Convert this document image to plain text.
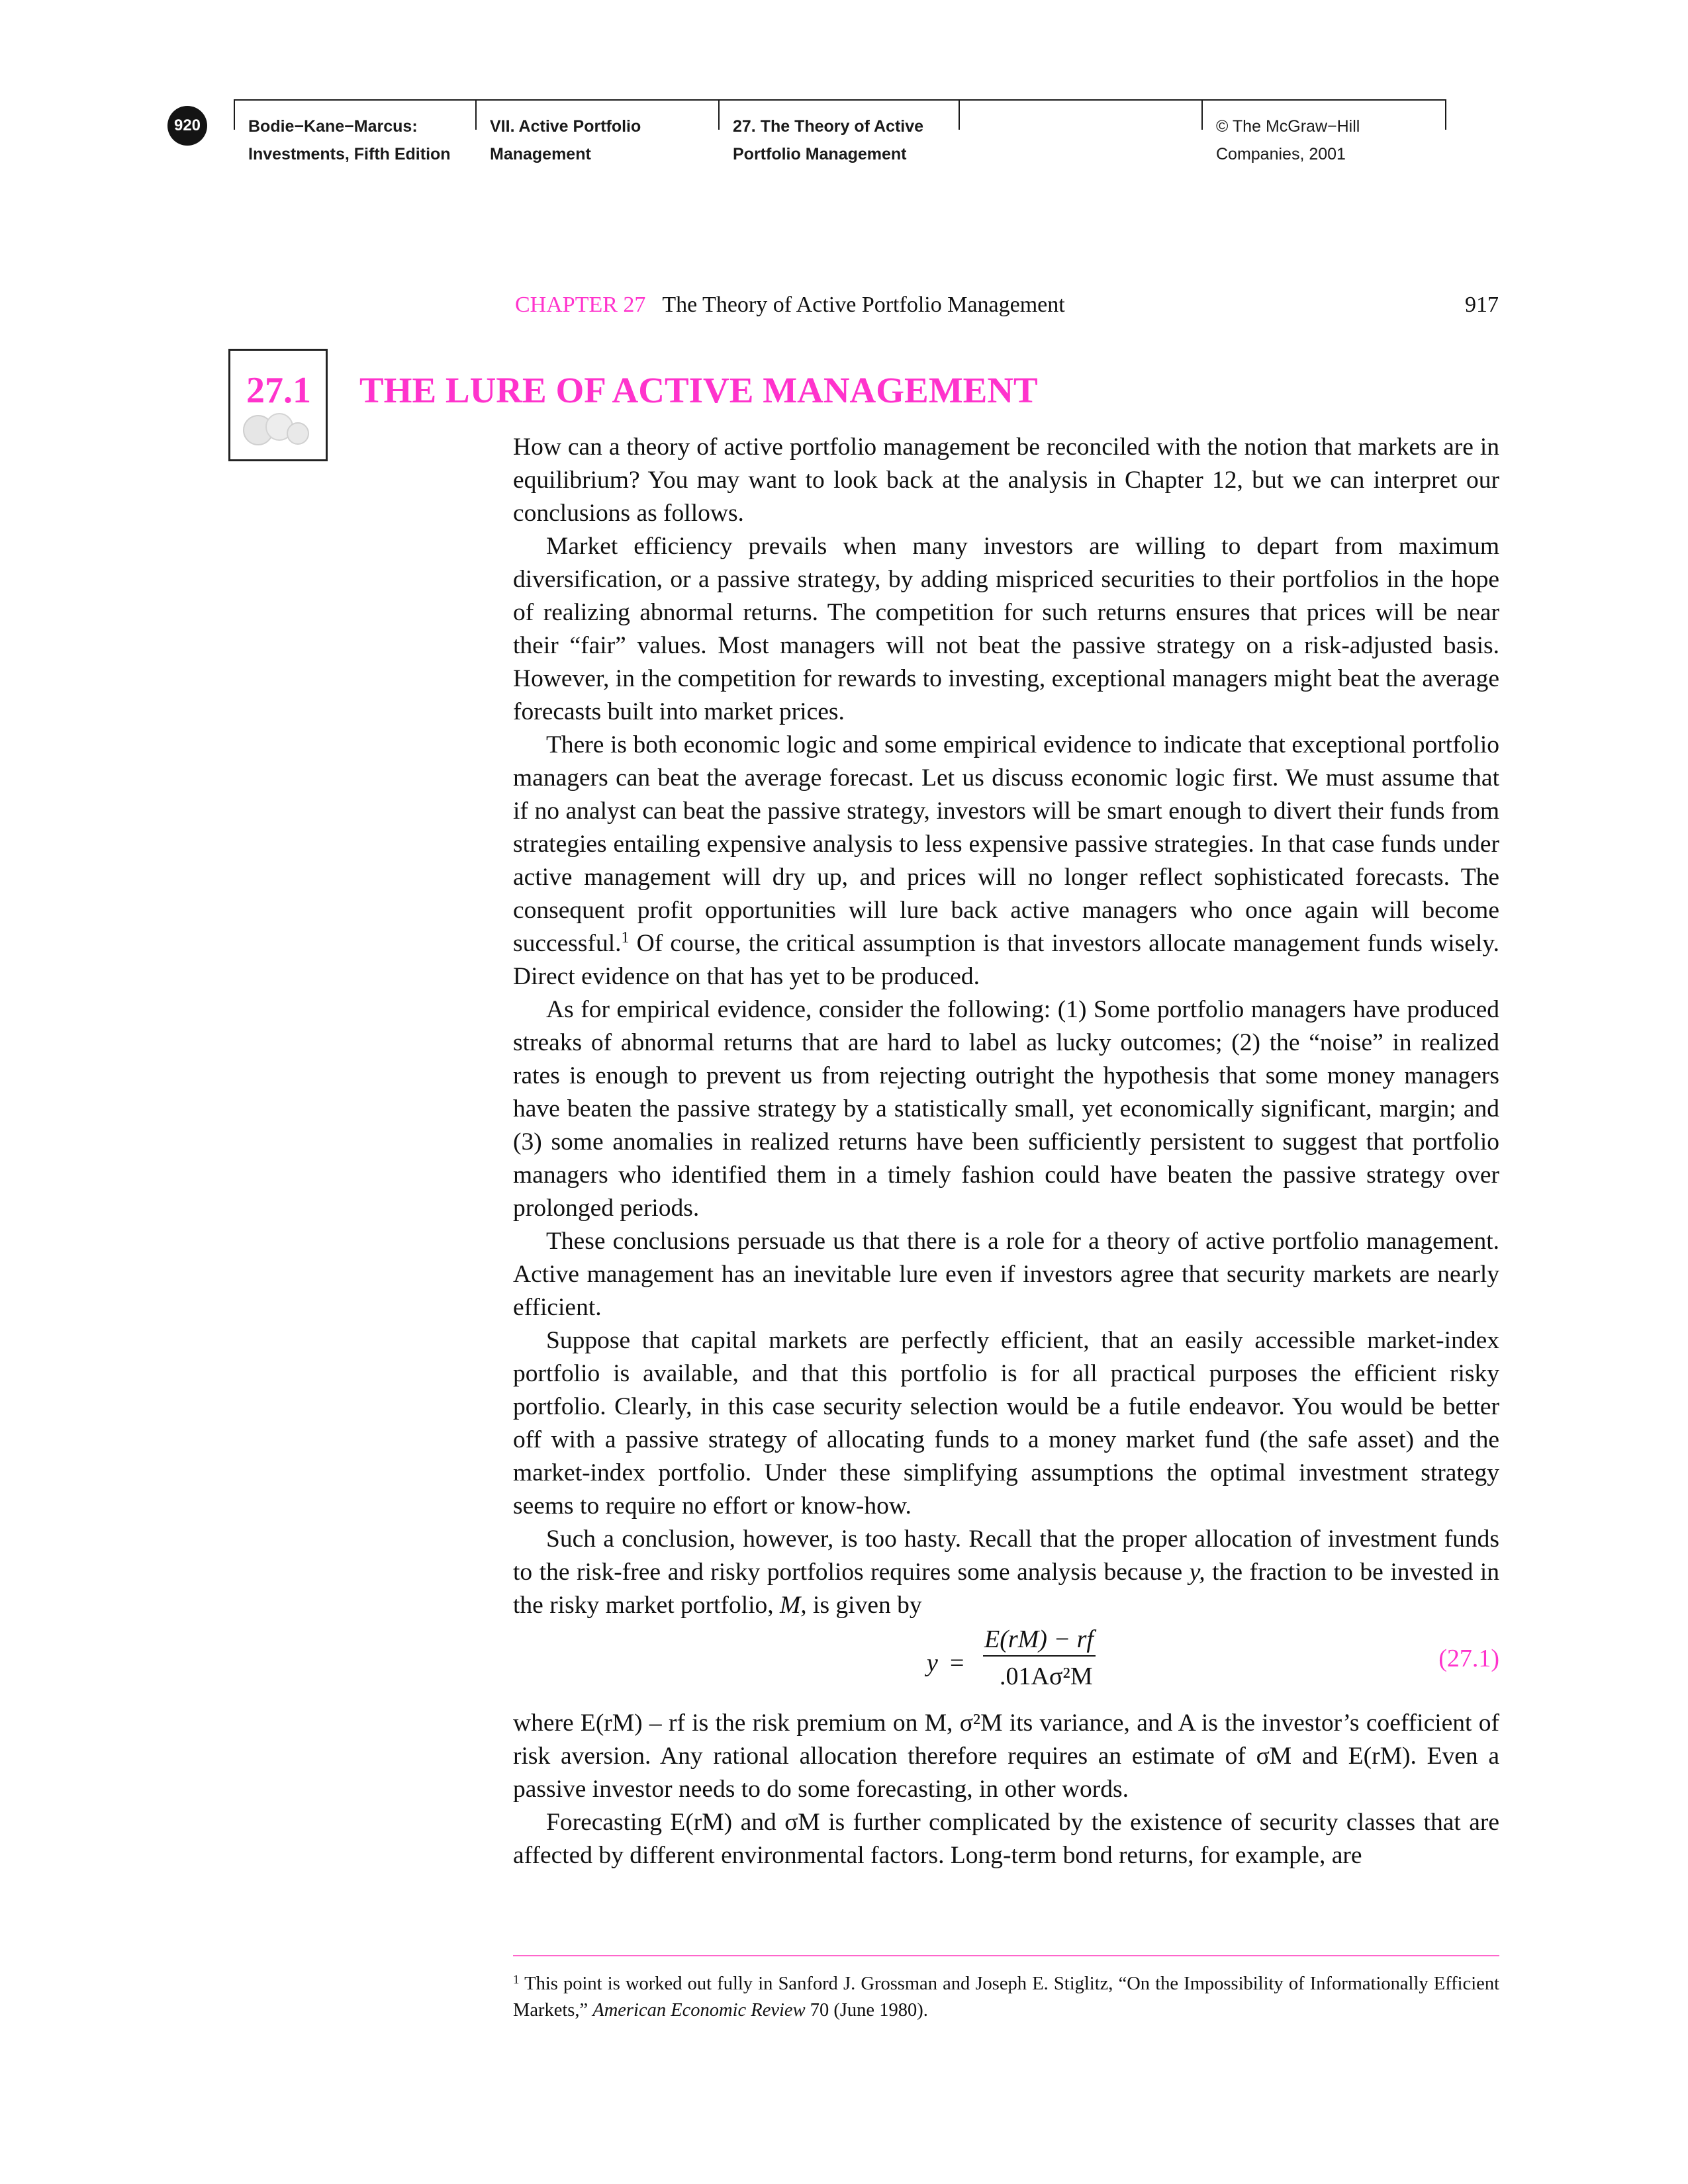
920	Bodie−Kane−Marcus:
Investments, Fifth Edition
VII. Active Portfolio
Management
27. The Theory of Active
Portfolio Management
© The McGraw−Hill
Companies, 2001
CHAPTER 27 The Theory of Active Portfolio Management	917
27.1 THE LURE OF ACTIVE MANAGEMENT

How can a theory of active portfolio management be reconciled with the notion that markets are in equilibrium? You may want to look back at the analysis in Chapter 12, but we can interpret our conclusions as follows.

Market efficiency prevails when many investors are willing to depart from maximum diversification, or a passive strategy, by adding mispriced securities to their portfolios in the hope of realizing abnormal returns. The competition for such returns ensures that prices will be near their “fair” values. Most managers will not beat the passive strategy on a risk-adjusted basis. However, in the competition for rewards to investing, exceptional managers might beat the average forecasts built into market prices.

There is both economic logic and some empirical evidence to indicate that exceptional portfolio managers can beat the average forecast. Let us discuss economic logic first. We must assume that if no analyst can beat the passive strategy, investors will be smart enough to divert their funds from strategies entailing expensive analysis to less expensive passive strategies. In that case funds under active management will dry up, and prices will no longer reflect sophisticated forecasts. The consequent profit opportunities will lure back active managers who once again will become successful.$^1$ Of course, the critical assumption is that investors allocate management funds wisely. Direct evidence on that has yet to be produced.

As for empirical evidence, consider the following: (1) Some portfolio managers have produced streaks of abnormal returns that are hard to label as lucky outcomes; (2) the “noise” in realized rates is enough to prevent us from rejecting outright the hypothesis that some money managers have beaten the passive strategy by a statistically small, yet economically significant, margin; and (3) some anomalies in realized returns have been sufficiently persistent to suggest that portfolio managers who identified them in a timely fashion could have beaten the passive strategy over prolonged periods.

These conclusions persuade us that there is a role for a theory of active portfolio management. Active management has an inevitable lure even if investors agree that security markets are nearly efficient.

Suppose that capital markets are perfectly efficient, that an easily accessible market-index portfolio is available, and that this portfolio is for all practical purposes the efficient risky portfolio. Clearly, in this case security selection would be a futile endeavor. You would be better off with a passive strategy of allocating funds to a money market fund (the safe asset) and the market-index portfolio. Under these simplifying assumptions the optimal investment strategy seems to require no effort or know-how.

Such a conclusion, however, is too hasty. Recall that the proper allocation of investment funds to the risk-free and risky portfolios requires some analysis because y, the fraction to be invested in the risky market portfolio, M, is given by

y =
E(rM) − rf
.01Aσ²M
(27.1)

where E(rM) – rf is the risk premium on M, σ²M its variance, and A is the investor’s coefficient of risk aversion. Any rational allocation therefore requires an estimate of σM and E(rM). Even a passive investor needs to do some forecasting, in other words.

Forecasting E(rM) and σM is further complicated by the existence of security classes that are affected by different environmental factors. Long-term bond returns, for example, are

$^1$ This point is worked out fully in Sanford J. Grossman and Joseph E. Stiglitz, “On the Impossibility of Informationally Efficient Markets,” American Economic Review 70 (June 1980).
